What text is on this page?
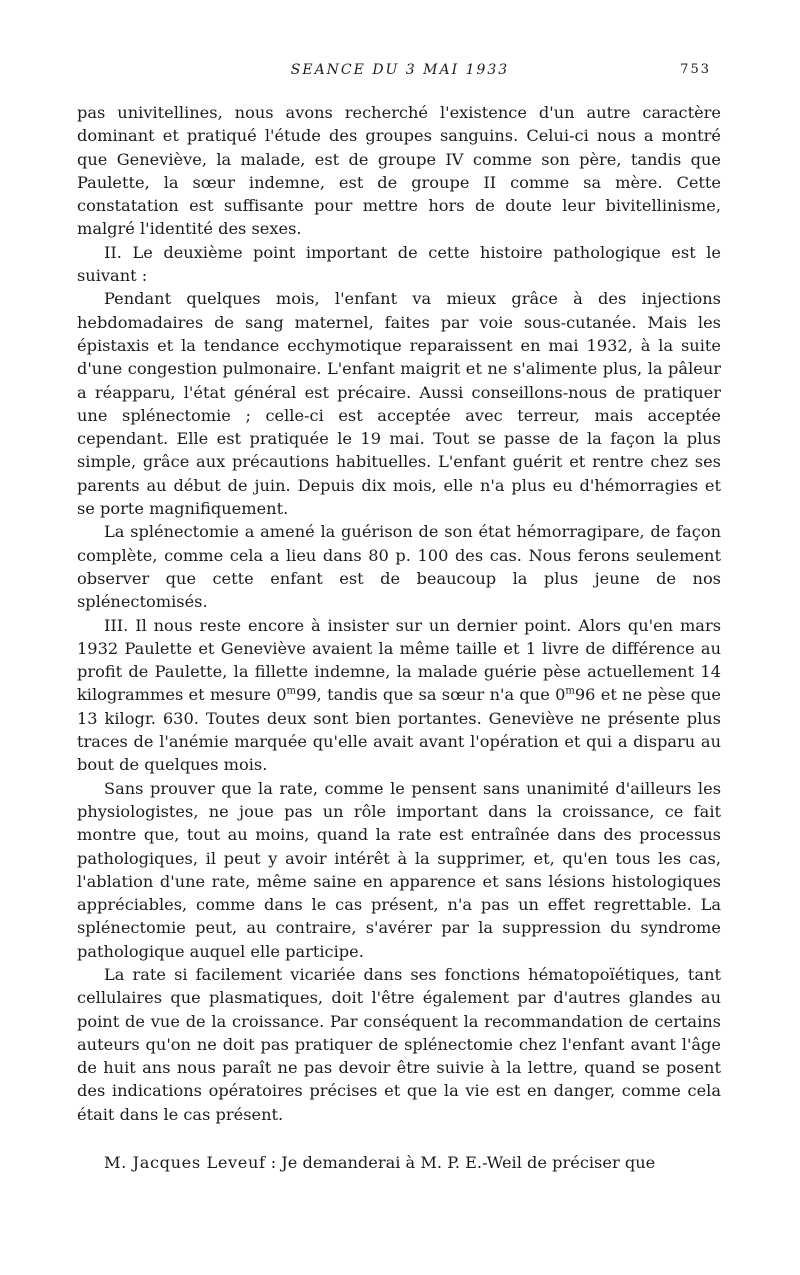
SEANCE DU 3 MAI 1933	753

pas univitellines, nous avons recherché l'existence d'un autre caractère dominant et pratiqué l'étude des groupes sanguins. Celui-ci nous a montré que Geneviève, la malade, est de groupe IV comme son père, tandis que Paulette, la sœur indemne, est de groupe II comme sa mère. Cette constatation est suffisante pour mettre hors de doute leur bivitellinisme, malgré l'identité des sexes.

II. Le deuxième point important de cette histoire pathologique est le suivant :

Pendant quelques mois, l'enfant va mieux grâce à des injections hebdomadaires de sang maternel, faites par voie sous-cutanée. Mais les épistaxis et la tendance ecchymotique reparaissent en mai 1932, à la suite d'une congestion pulmonaire. L'enfant maigrit et ne s'alimente plus, la pâleur a réapparu, l'état général est précaire. Aussi conseillons-nous de pratiquer une splénectomie ; celle-ci est acceptée avec terreur, mais acceptée cependant. Elle est pratiquée le 19 mai. Tout se passe de la façon la plus simple, grâce aux précautions habituelles. L'enfant guérit et rentre chez ses parents au début de juin. Depuis dix mois, elle n'a plus eu d'hémorragies et se porte magnifiquement.

La splénectomie a amené la guérison de son état hémorragipare, de façon complète, comme cela a lieu dans 80 p. 100 des cas. Nous ferons seulement observer que cette enfant est de beaucoup la plus jeune de nos splénectomisés.

III. Il nous reste encore à insister sur un dernier point. Alors qu'en mars 1932 Paulette et Geneviève avaient la même taille et 1 livre de différence au profit de Paulette, la fillette indemne, la malade guérie pèse actuellement 14 kilogrammes et mesure 0$^m$99, tandis que sa sœur n'a que 0$^m$96 et ne pèse que 13 kilogr. 630. Toutes deux sont bien portantes. Geneviève ne présente plus traces de l'anémie marquée qu'elle avait avant l'opération et qui a disparu au bout de quelques mois.

Sans prouver que la rate, comme le pensent sans unanimité d'ailleurs les physiologistes, ne joue pas un rôle important dans la croissance, ce fait montre que, tout au moins, quand la rate est entraînée dans des processus pathologiques, il peut y avoir intérêt à la supprimer, et, qu'en tous les cas, l'ablation d'une rate, même saine en apparence et sans lésions histologiques appréciables, comme dans le cas présent, n'a pas un effet regrettable. La splénectomie peut, au contraire, s'avérer par la suppression du syndrome pathologique auquel elle participe.

La rate si facilement vicariée dans ses fonctions hématopoïétiques, tant cellulaires que plasmatiques, doit l'être également par d'autres glandes au point de vue de la croissance. Par conséquent la recommandation de certains auteurs qu'on ne doit pas pratiquer de splénectomie chez l'enfant avant l'âge de huit ans nous paraît ne pas devoir être suivie à la lettre, quand se posent des indications opératoires précises et que la vie est en danger, comme cela était dans le cas présent.

M. Jacques Leveuf : Je demanderai à M. P. E.-Weil de préciser que
